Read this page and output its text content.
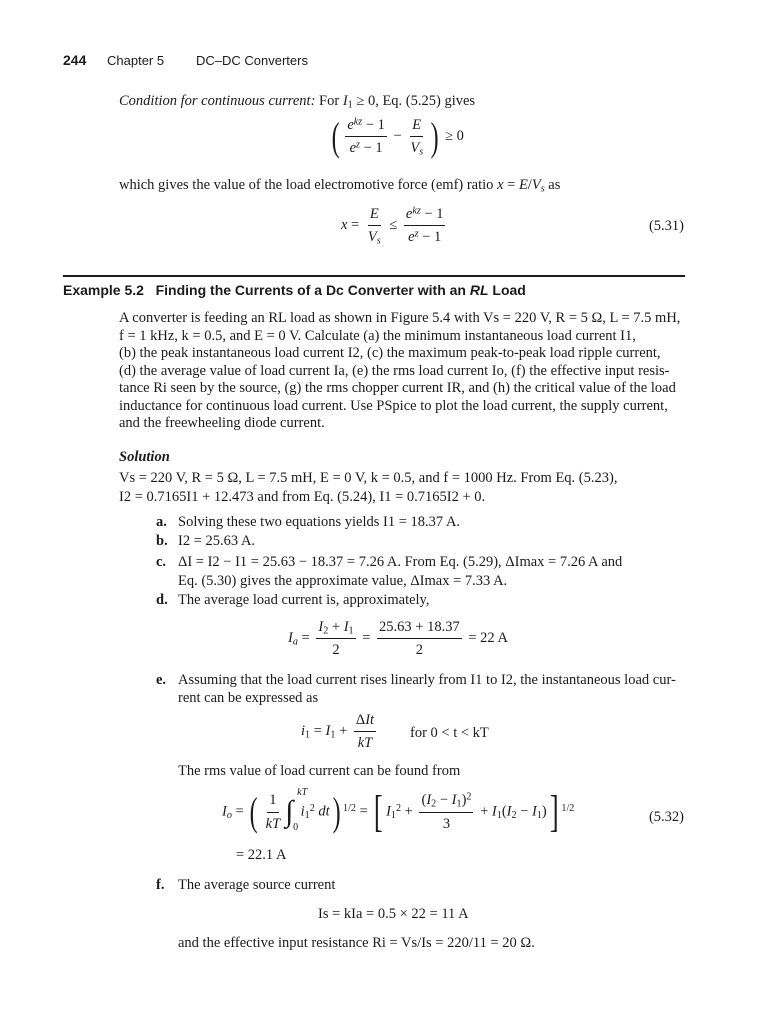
244 Chapter 5 DC–DC Converters
Condition for continuous current: For $I_1 \ge 0$, Eq. (5.25) gives
( $\frac{e^{kz} - 1}{e^z - 1} - \frac{E}{V_s}$ ) ≥ 0
which gives the value of the load electromotive force (emf) ratio $x = E/V_s$ as
$x = \frac{E}{V_s} \le \frac{e^{kz} - 1}{e^z - 1}$	(5.31)
Example 5.2 Finding the Currents of a Dc Converter with an RL Load
A converter is feeding an RL load as shown in Figure 5.4 with Vs = 220 V, R = 5 Ω, L = 7.5 mH,
f = 1 kHz, k = 0.5, and E = 0 V. Calculate (a) the minimum instantaneous load current I1,
(b) the peak instantaneous load current I2, (c) the maximum peak-to-peak load ripple current,
(d) the average value of load current Ia, (e) the rms load current Io, (f) the effective input resis-
tance Ri seen by the source, (g) the rms chopper current IR, and (h) the critical value of the load
inductance for continuous load current. Use PSpice to plot the load current, the supply current,
and the freewheeling diode current.
Solution
Vs = 220 V, R = 5 Ω, L = 7.5 mH, E = 0 V, k = 0.5, and f = 1000 Hz. From Eq. (5.23),
I2 = 0.7165I1 + 12.473 and from Eq. (5.24), I1 = 0.7165I2 + 0.
a. Solving these two equations yields I1 = 18.37 A.
b. I2 = 25.63 A.
c. ΔI = I2 − I1 = 25.63 − 18.37 = 7.26 A. From Eq. (5.29), ΔImax = 7.26 A and
Eq. (5.30) gives the approximate value, ΔImax = 7.33 A.
d. The average load current is, approximately,
$I_a = \frac{I_2 + I_1}{2} = \frac{25.63 + 18.37}{2} = 22$ A
e. Assuming that the load current rises linearly from I1 to I2, the instantaneous load cur-
rent can be expressed as
$i_1 = I_1 + \frac{\text{ΔIt}}{kT}$ for 0 < t < kT
The rms value of load current can be found from
$I_o$ = ( $\frac{1}{kT}$ ∫
kT
0
$i_1^2$ dt) $^{1/2}$ = [ $I_1^2 + \frac{(I_2 - I_1)^2}{3} + I_1(I_2 - I_1)$] $^{1/2}$
(5.32)
= 22.1 A
f. The average source current
Is = kIa = 0.5 × 22 = 11 A
and the effective input resistance Ri = Vs/Is = 220/11 = 20 Ω.
